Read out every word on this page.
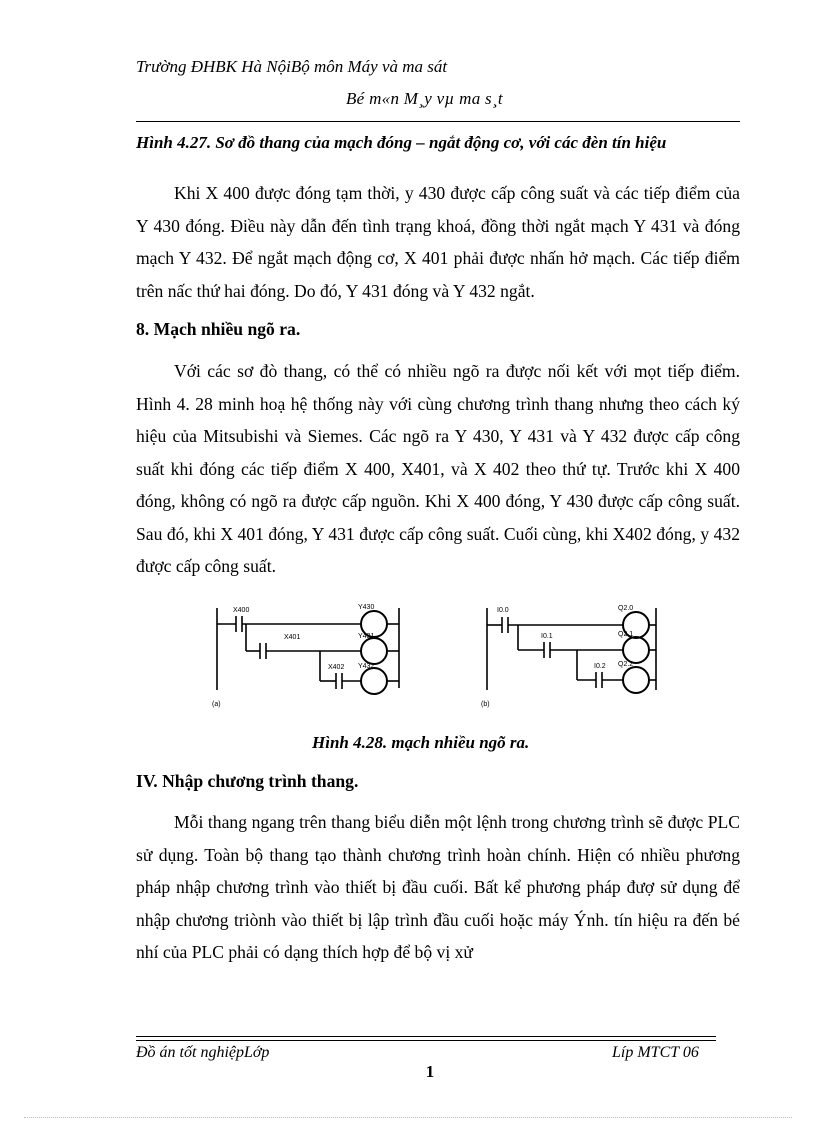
Trường ĐHBK Hà NộiBộ môn Máy và ma sát
Bé m«n M¸y vµ ma s¸t
Hình 4.27. Sơ đồ thang của mạch đóng – ngắt động cơ, với các đèn tín hiệu

Khi X 400 được đóng tạm thời, y 430 được cấp công suất và các tiếp điểm của Y 430 đóng. Điều này dẫn đến tình trạng khoá, đồng thời ngắt mạch Y 431 và đóng mạch Y 432. Để ngắt mạch động cơ, X 401 phải được nhấn hở mạch. Các tiếp điểm trên nấc thứ hai đóng. Do đó, Y 431 đóng và Y 432 ngắt.

8. Mạch nhiều ngõ ra.

Với các sơ đò thang, có thể có nhiều ngõ ra được nối kết với mọt tiếp điểm. Hình 4. 28 minh hoạ hệ thống này với cùng chương trình thang nhưng theo cách ký hiệu của Mitsubishi và Siemes. Các ngõ ra Y 430, Y 431 và Y 432 được cấp công suất khi đóng các tiếp điểm X 400, X401, và X 402 theo thứ tự. Trước khi X 400 đóng, không có ngõ ra được cấp nguồn. Khi X 400 đóng, Y 430 được cấp công suất. Sau đó, khi X 401 đóng, Y 431 được cấp công suất. Cuối cùng, khi X402 đóng, y 432 được cấp công suất.

X400
X401
X402
Y430
Y431
Y432
(a)
I0.0
I0.1
I0.2
Q2.0
Q2.1
Q2.2
(b)
Hình 4.28. mạch nhiều ngõ ra.
IV. Nhập chương trình thang.

Mỗi thang ngang trên thang biểu diễn một lệnh trong chương trình sẽ được PLC sử dụng. Toàn bộ thang tạo thành chương trình hoàn chính. Hiện có nhiều phương pháp nhập chương trình vào thiết bị đầu cuối. Bất kể phương pháp đượ sử dụng để nhập chương triònh vào thiết bị lập trình đầu cuối hoặc máy Ýnh. tín hiệu ra đến bé nhí của PLC phải có dạng thích hợp để bộ vị xử

Đồ án tốt nghiệpLớp	Líp MTCT 06
1
